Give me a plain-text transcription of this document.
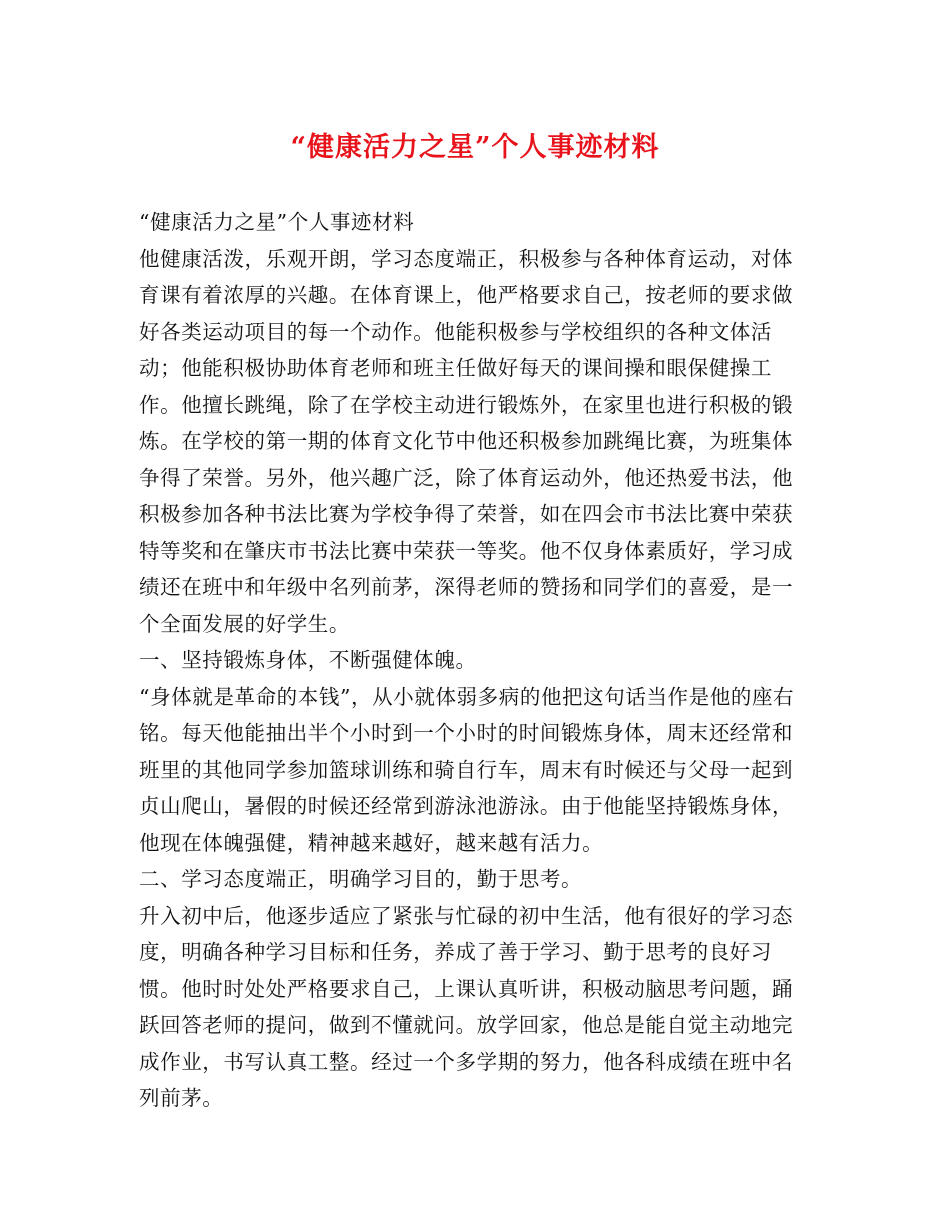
“健康活力之星”个人事迹材料

“健康活力之星”个人事迹材料

他健康活泼，乐观开朗，学习态度端正，积极参与各种体育运动，对体育课有着浓厚的兴趣。在体育课上，他严格要求自己，按老师的要求做好各类运动项目的每一个动作。他能积极参与学校组织的各种文体活动；他能积极协助体育老师和班主任做好每天的课间操和眼保健操工作。他擅长跳绳，除了在学校主动进行锻炼外，在家里也进行积极的锻炼。在学校的第一期的体育文化节中他还积极参加跳绳比赛，为班集体争得了荣誉。另外，他兴趣广泛，除了体育运动外，他还热爱书法，他积极参加各种书法比赛为学校争得了荣誉，如在四会市书法比赛中荣获特等奖和在肇庆市书法比赛中荣获一等奖。他不仅身体素质好，学习成绩还在班中和年级中名列前茅，深得老师的赞扬和同学们的喜爱，是一个全面发展的好学生。

一、坚持锻炼身体，不断强健体魄。

“身体就是革命的本钱”，从小就体弱多病的他把这句话当作是他的座右铭。每天他能抽出半个小时到一个小时的时间锻炼身体，周末还经常和班里的其他同学参加篮球训练和骑自行车，周末有时候还与父母一起到贞山爬山，暑假的时候还经常到游泳池游泳。由于他能坚持锻炼身体，他现在体魄强健，精神越来越好，越来越有活力。

二、学习态度端正，明确学习目的，勤于思考。

升入初中后，他逐步适应了紧张与忙碌的初中生活，他有很好的学习态度，明确各种学习目标和任务，养成了善于学习、勤于思考的良好习惯。他时时处处严格要求自己，上课认真听讲，积极动脑思考问题，踊跃回答老师的提问，做到不懂就问。放学回家，他总是能自觉主动地完成作业，书写认真工整。经过一个多学期的努力，他各科成绩在班中名列前茅。
